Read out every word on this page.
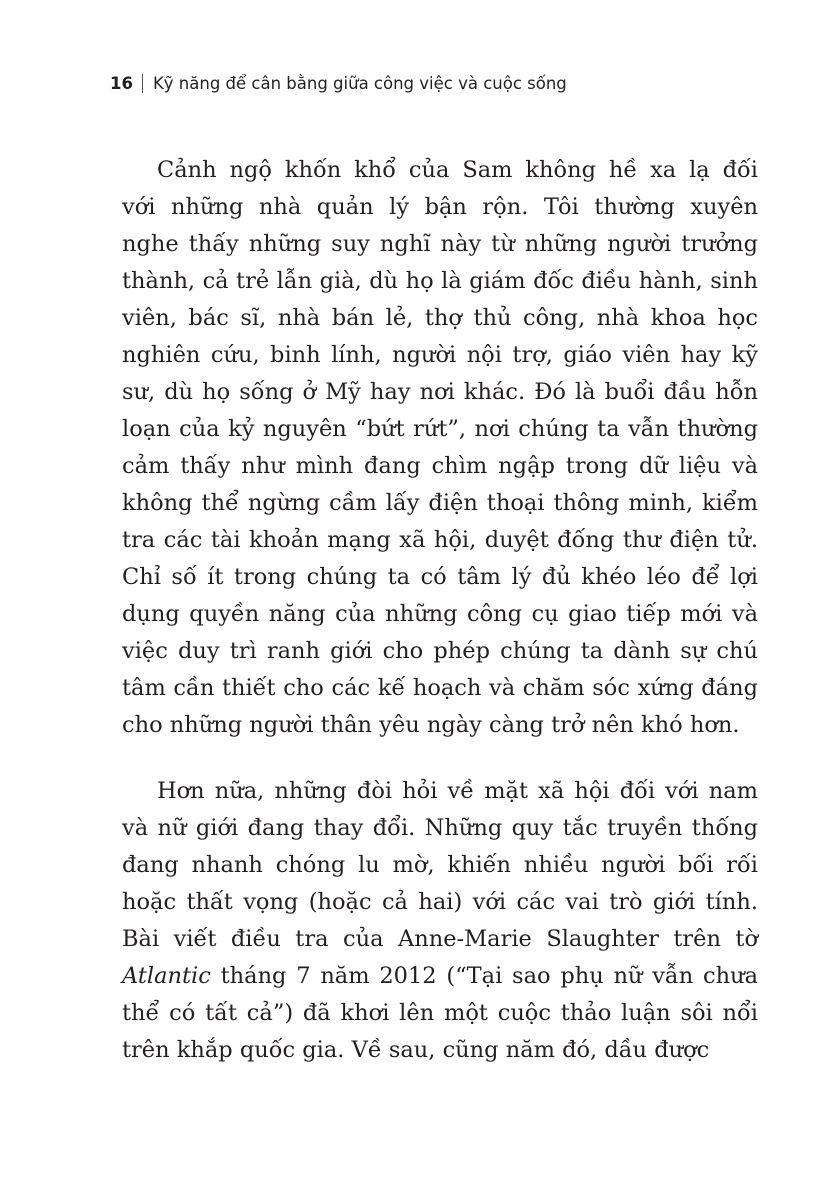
16 Kỹ năng để cân bằng giữa công việc và cuộc sống
Cảnh ngộ khốn khổ của Sam không hề xa lạ đối
với những nhà quản lý bận rộn. Tôi thường xuyên
nghe thấy những suy nghĩ này từ những người trưởng
thành, cả trẻ lẫn già, dù họ là giám đốc điều hành, sinh
viên, bác sĩ, nhà bán lẻ, thợ thủ công, nhà khoa học
nghiên cứu, binh lính, người nội trợ, giáo viên hay kỹ
sư, dù họ sống ở Mỹ hay nơi khác. Đó là buổi đầu hỗn
loạn của kỷ nguyên “bứt rứt”, nơi chúng ta vẫn thường
cảm thấy như mình đang chìm ngập trong dữ liệu và
không thể ngừng cầm lấy điện thoại thông minh, kiểm
tra các tài khoản mạng xã hội, duyệt đống thư điện tử.
Chỉ số ít trong chúng ta có tâm lý đủ khéo léo để lợi
dụng quyền năng của những công cụ giao tiếp mới và
việc duy trì ranh giới cho phép chúng ta dành sự chú
tâm cần thiết cho các kế hoạch và chăm sóc xứng đáng
cho những người thân yêu ngày càng trở nên khó hơn.
Hơn nữa, những đòi hỏi về mặt xã hội đối với nam
và nữ giới đang thay đổi. Những quy tắc truyền thống
đang nhanh chóng lu mờ, khiến nhiều người bối rối
hoặc thất vọng (hoặc cả hai) với các vai trò giới tính.
Bài viết điều tra của Anne-Marie Slaughter trên tờ
Atlantic tháng 7 năm 2012 (“Tại sao phụ nữ vẫn chưa
thể có tất cả”) đã khơi lên một cuộc thảo luận sôi nổi
trên khắp quốc gia. Về sau, cũng năm đó, dầu được
